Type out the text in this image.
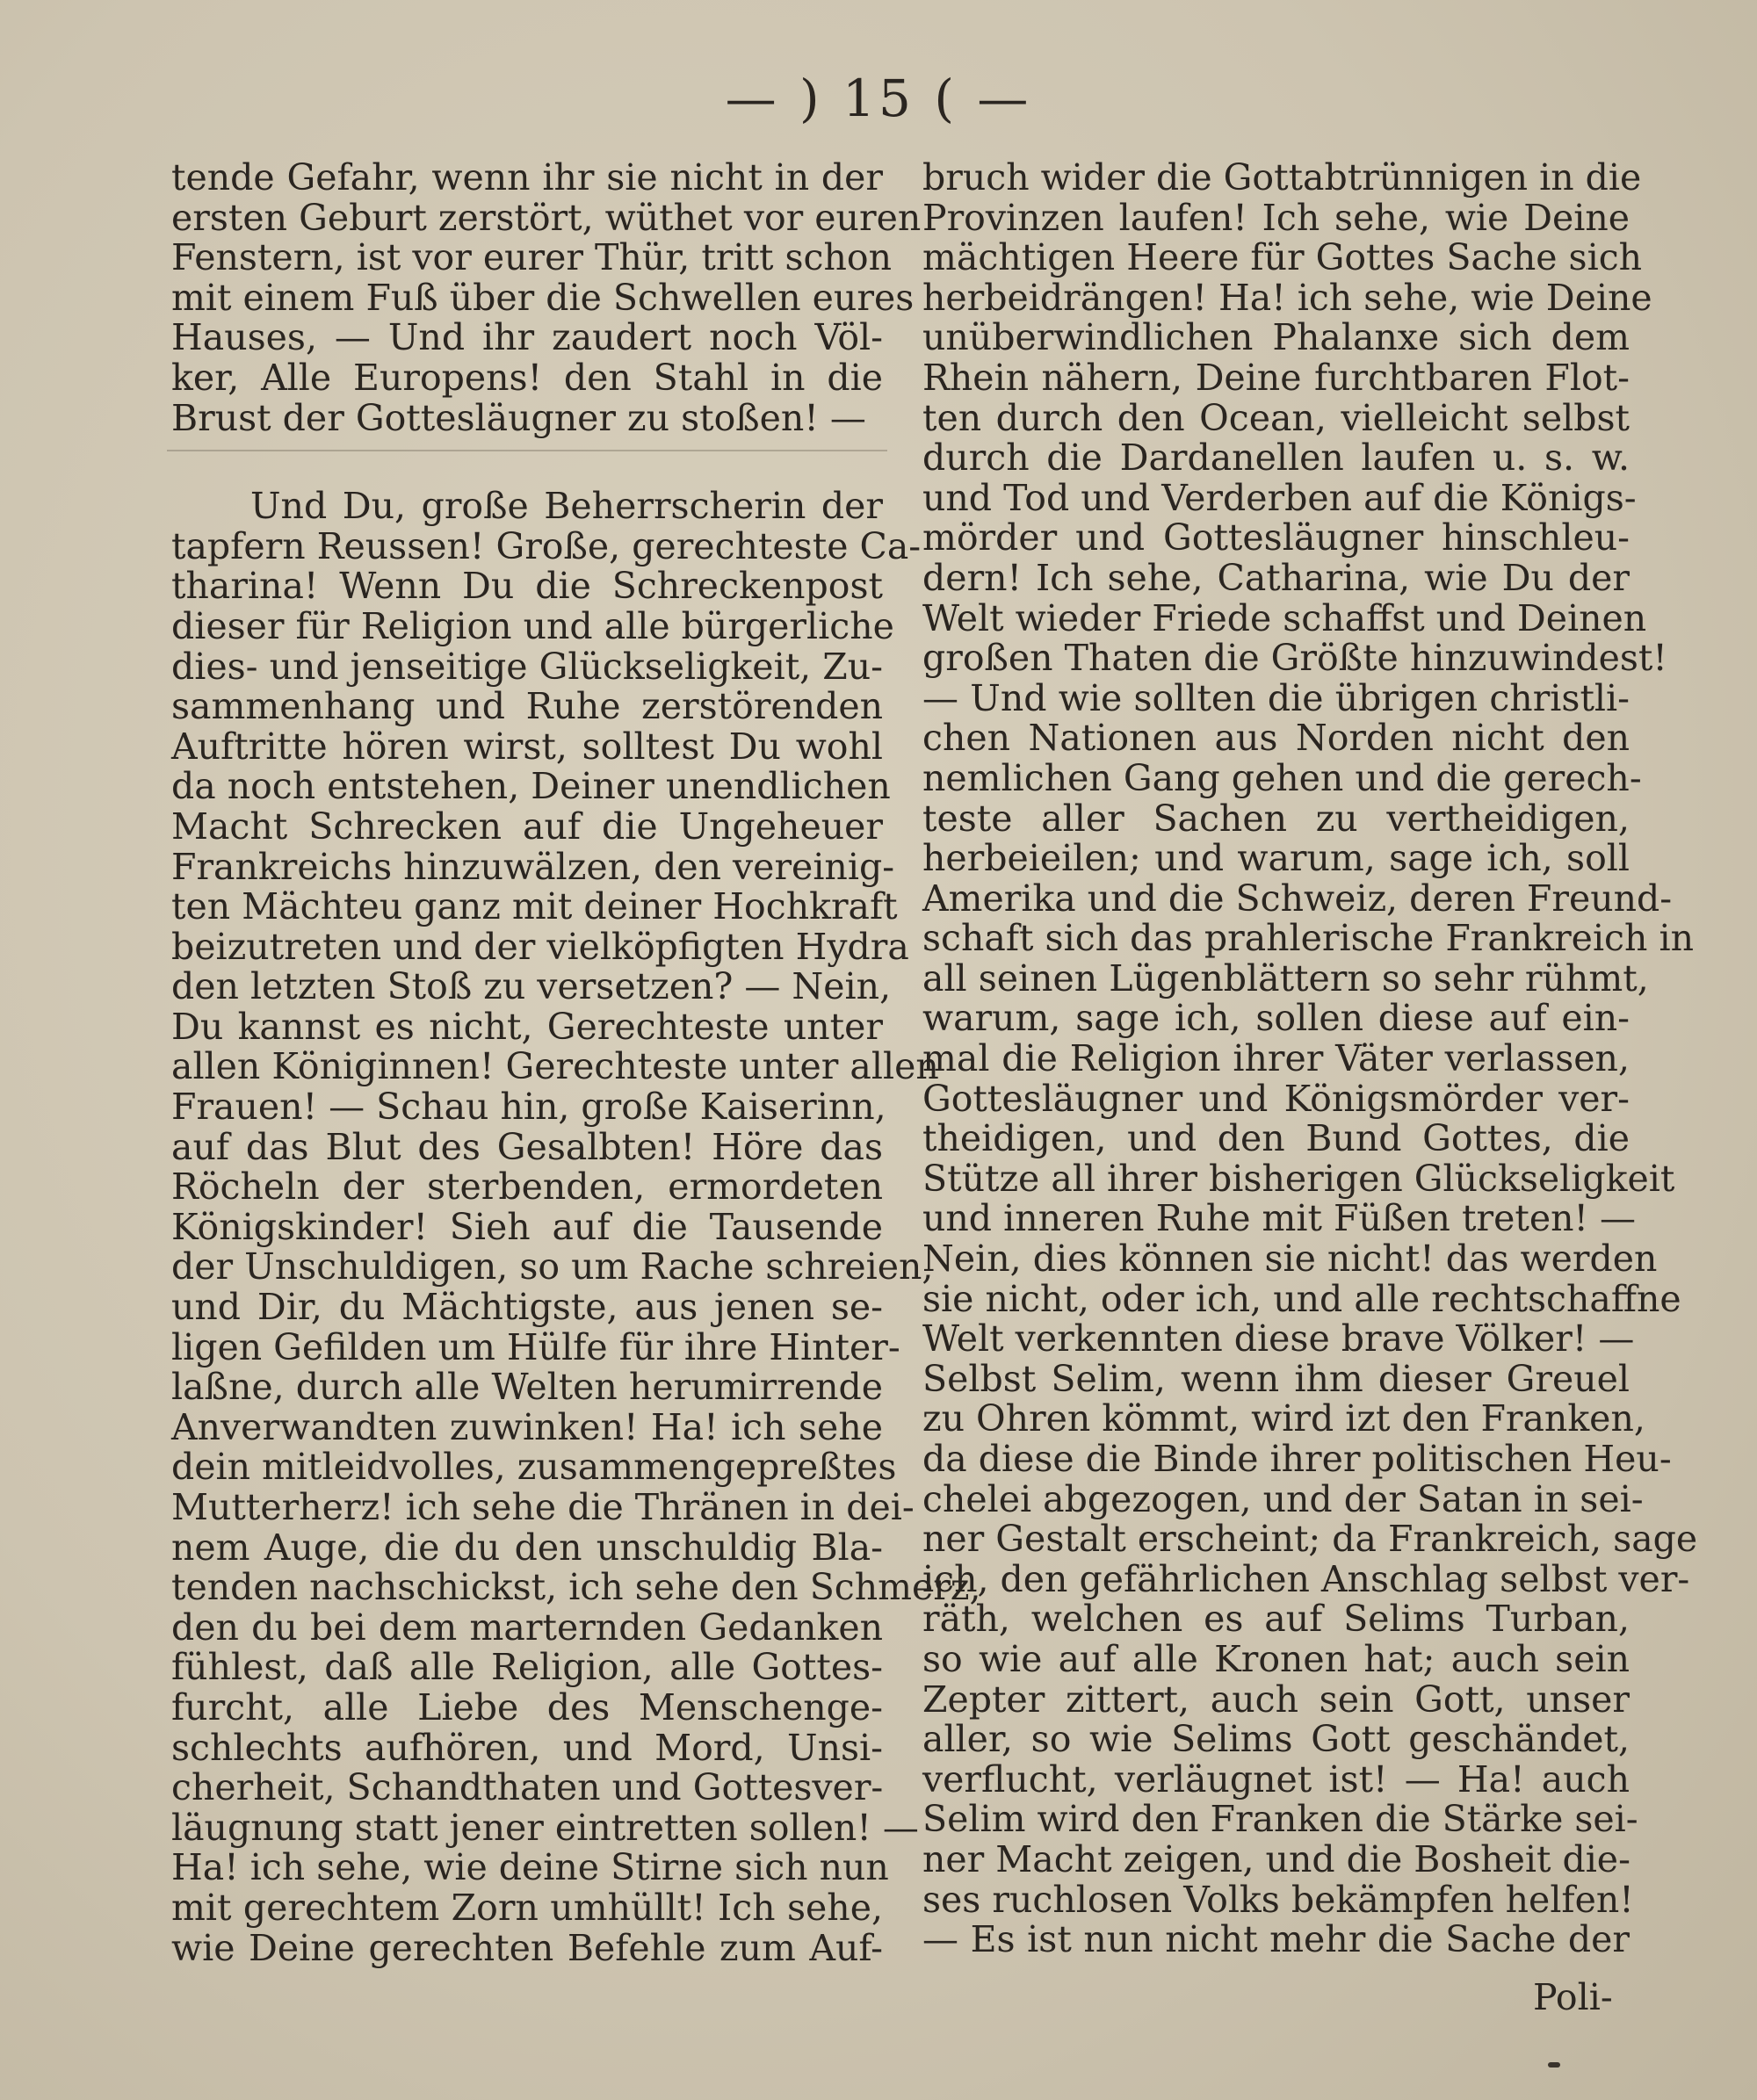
— ) 15 ( —
tende Gefahr, wenn ihr sie nicht in der
ersten Geburt zerstört, wüthet vor euren
Fenstern, ist vor eurer Thür, tritt schon
mit einem Fuß über die Schwellen eures
Hauses, — Und ihr zaudert noch Völ-
ker, Alle Europens! den Stahl in die
Brust der Gottesläugner zu stoßen! —
Und Du, große Beherrscherin der
tapfern Reussen! Große, gerechteste Ca-
tharina! Wenn Du die Schreckenpost
dieser für Religion und alle bürgerliche
dies- und jenseitige Glückseligkeit, Zu-
sammenhang und Ruhe zerstörenden
Auftritte hören wirst, solltest Du wohl
da noch entstehen, Deiner unendlichen
Macht Schrecken auf die Ungeheuer
Frankreichs hinzuwälzen, den vereinig-
ten Mächteu ganz mit deiner Hochkraft
beizutreten und der vielköpfigten Hydra
den letzten Stoß zu versetzen? — Nein,
Du kannst es nicht, Gerechteste unter
allen Königinnen! Gerechteste unter allen
Frauen! — Schau hin, große Kaiserinn,
auf das Blut des Gesalbten! Höre das
Röcheln der sterbenden, ermordeten
Königskinder! Sieh auf die Tausende
der Unschuldigen, so um Rache schreien,
und Dir, du Mächtigste, aus jenen se-
ligen Gefilden um Hülfe für ihre Hinter-
laßne, durch alle Welten herumirrende
Anverwandten zuwinken! Ha! ich sehe
dein mitleidvolles, zusammengepreßtes
Mutterherz! ich sehe die Thränen in dei-
nem Auge, die du den unschuldig Bla-
tenden nachschickst, ich sehe den Schmerz,
den du bei dem marternden Gedanken
fühlest, daß alle Religion, alle Gottes-
furcht, alle Liebe des Menschenge-
schlechts aufhören, und Mord, Unsi-
cherheit, Schandthaten und Gottesver-
läugnung statt jener eintretten sollen! —
Ha! ich sehe, wie deine Stirne sich nun
mit gerechtem Zorn umhüllt! Ich sehe,
wie Deine gerechten Befehle zum Auf-
bruch wider die Gottabtrünnigen in die
Provinzen laufen! Ich sehe, wie Deine
mächtigen Heere für Gottes Sache sich
herbeidrängen! Ha! ich sehe, wie Deine
unüberwindlichen Phalanxe sich dem
Rhein nähern, Deine furchtbaren Flot-
ten durch den Ocean, vielleicht selbst
durch die Dardanellen laufen u. s. w.
und Tod und Verderben auf die Königs-
mörder und Gottesläugner hinschleu-
dern! Ich sehe, Catharina, wie Du der
Welt wieder Friede schaffst und Deinen
großen Thaten die Größte hinzuwindest!
— Und wie sollten die übrigen christli-
chen Nationen aus Norden nicht den
nemlichen Gang gehen und die gerech-
teste aller Sachen zu vertheidigen,
herbeieilen; und warum, sage ich, soll
Amerika und die Schweiz, deren Freund-
schaft sich das prahlerische Frankreich in
all seinen Lügenblättern so sehr rühmt,
warum, sage ich, sollen diese auf ein-
mal die Religion ihrer Väter verlassen,
Gottesläugner und Königsmörder ver-
theidigen, und den Bund Gottes, die
Stütze all ihrer bisherigen Glückseligkeit
und inneren Ruhe mit Füßen treten! —
Nein, dies können sie nicht! das werden
sie nicht, oder ich, und alle rechtschaffne
Welt verkennten diese brave Völker! —
Selbst Selim, wenn ihm dieser Greuel
zu Ohren kömmt, wird izt den Franken,
da diese die Binde ihrer politischen Heu-
chelei abgezogen, und der Satan in sei-
ner Gestalt erscheint; da Frankreich, sage
ich, den gefährlichen Anschlag selbst ver-
räth, welchen es auf Selims Turban,
so wie auf alle Kronen hat; auch sein
Zepter zittert, auch sein Gott, unser
aller, so wie Selims Gott geschändet,
verflucht, verläugnet ist! — Ha! auch
Selim wird den Franken die Stärke sei-
ner Macht zeigen, und die Bosheit die-
ses ruchlosen Volks bekämpfen helfen!
— Es ist nun nicht mehr die Sache der
Poli-
